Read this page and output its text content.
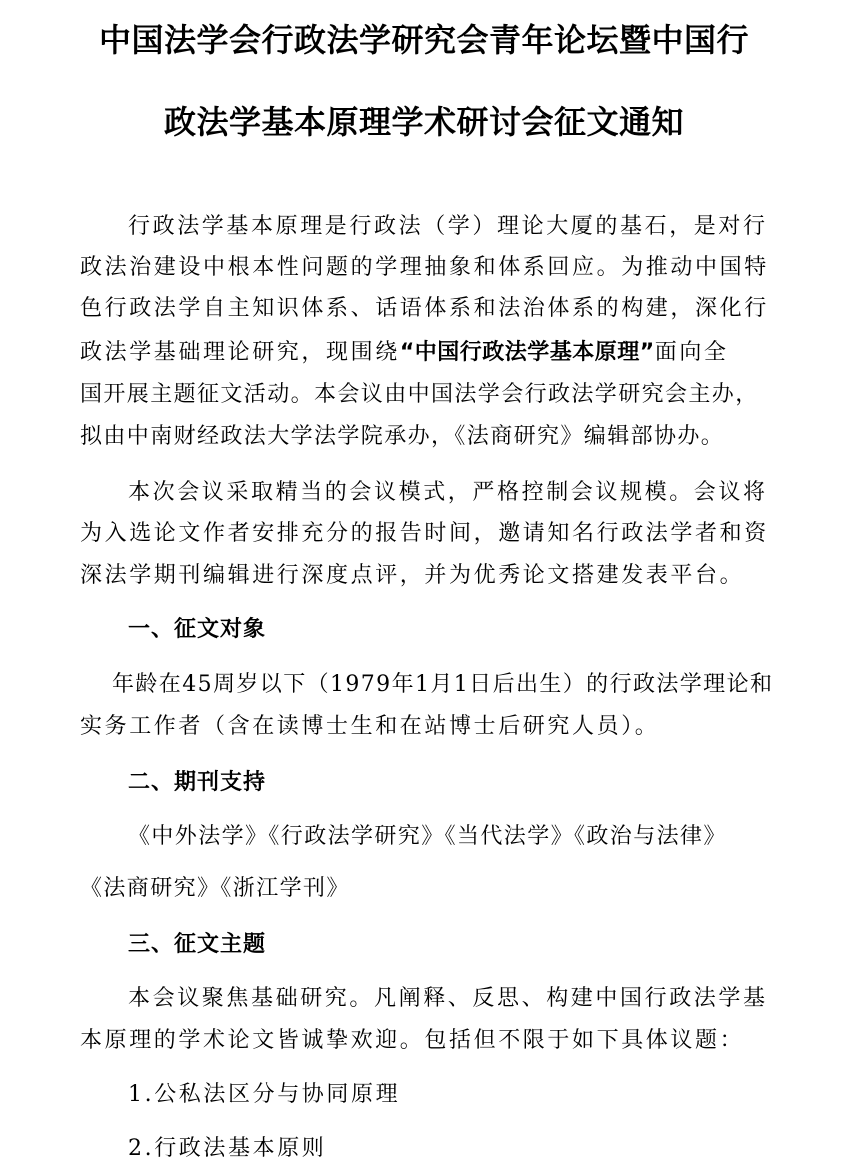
中国法学会行政法学研究会青年论坛暨中国行
政法学基本原理学术研讨会征文通知
行政法学基本原理是行政法（学）理论大厦的基石，是对行
政法治建设中根本性问题的学理抽象和体系回应。为推动中国特
色行政法学自主知识体系、话语体系和法治体系的构建，深化行
政法学基础理论研究，现围绕“中国行政法学基本原理”面向全
国开展主题征文活动。本会议由中国法学会行政法学研究会主办，
拟由中南财经政法大学法学院承办，《法商研究》编辑部协办。
本次会议采取精当的会议模式，严格控制会议规模。会议将
为入选论文作者安排充分的报告时间，邀请知名行政法学者和资
深法学期刊编辑进行深度点评，并为优秀论文搭建发表平台。
一、征文对象
年龄在45周岁以下（1979年1月1日后出生）的行政法学理论和
实务工作者（含在读博士生和在站博士后研究人员）。
二、期刊支持
《中外法学》《行政法学研究》《当代法学》《政治与法律》
《法商研究》《浙江学刊》
三、征文主题
本会议聚焦基础研究。凡阐释、反思、构建中国行政法学基
本原理的学术论文皆诚挚欢迎。包括但不限于如下具体议题：
1.公私法区分与协同原理
2.行政法基本原则
